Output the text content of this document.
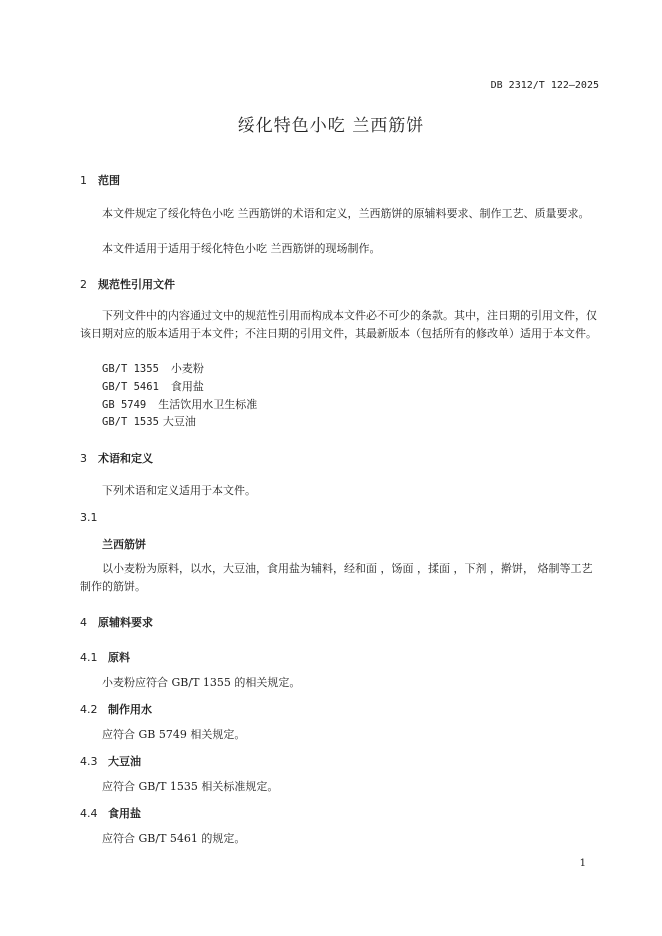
DB 2312/T 122—2025
绥化特色小吃 兰西筋饼
1 范围
本文件规定了绥化特色小吃 兰西筋饼的术语和定义，兰西筋饼的原辅料要求、制作工艺、质量要求。
本文件适用于适用于绥化特色小吃 兰西筋饼的现场制作。
2 规范性引用文件
下列文件中的内容通过文中的规范性引用而构成本文件必不可少的条款。其中，注日期的引用文件，仅该日期对应的版本适用于本文件；不注日期的引用文件，其最新版本（包括所有的修改单）适用于本文件。
GB/T 1355 小麦粉
GB/T 5461 食用盐
GB 5749 生活饮用水卫生标准
GB/T 1535 大豆油
3 术语和定义
下列术语和定义适用于本文件。
3.1
兰西筋饼
以小麦粉为原料，以水，大豆油，食用盐为辅料，经和面 ，饧面 ，揉面 ，下剂 ，擀饼， 烙制等工艺制作的筋饼。
4 原辅料要求
4.1 原料
小麦粉应符合 GB/T 1355 的相关规定。
4.2 制作用水
应符合 GB 5749 相关规定。
4.3 大豆油
应符合 GB/T 1535 相关标准规定。
4.4 食用盐
应符合 GB/T 5461 的规定。
1
